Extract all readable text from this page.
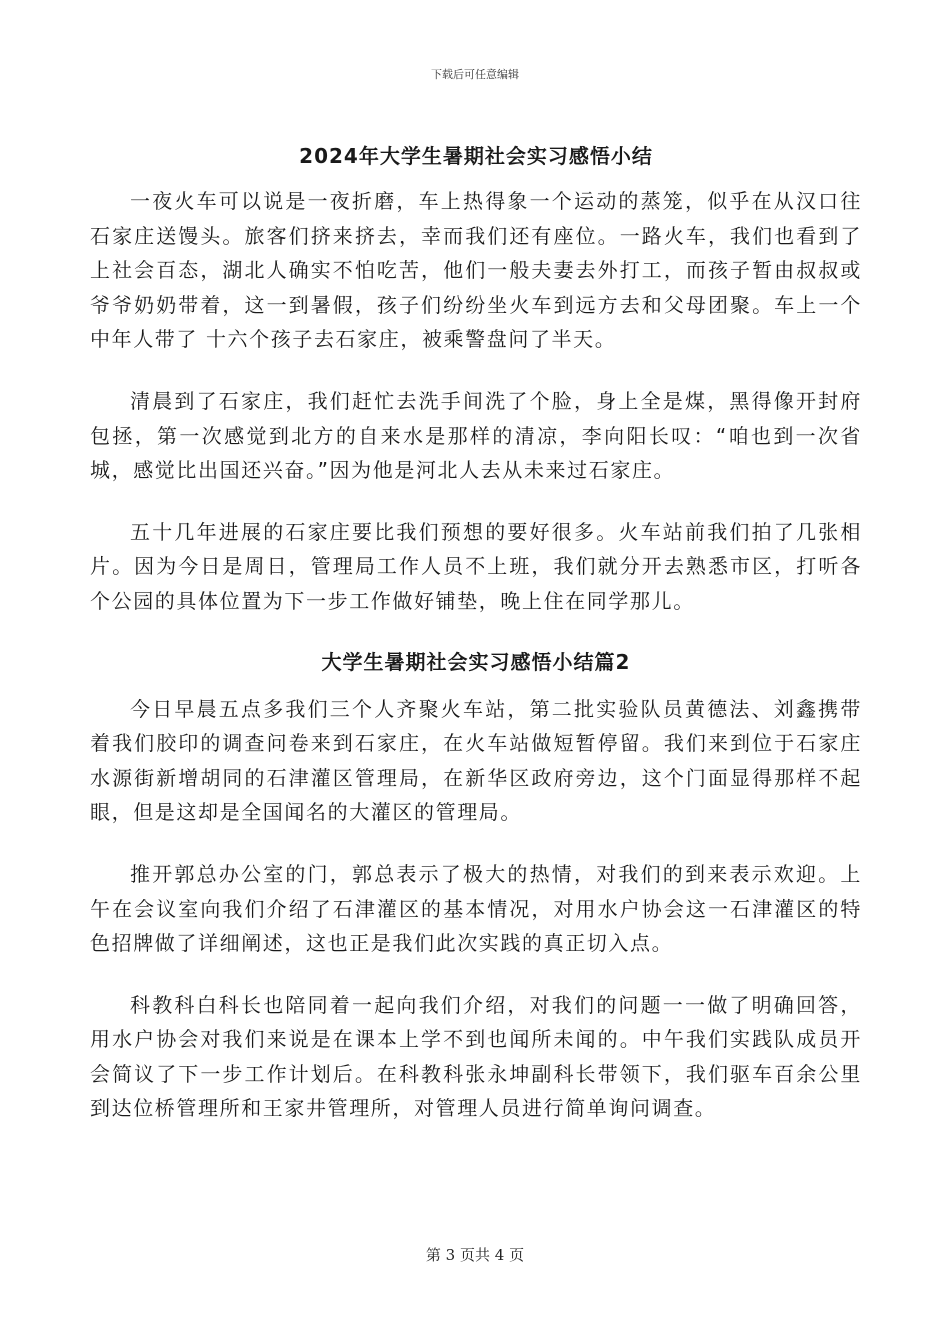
下载后可任意编辑
2024年大学生暑期社会实习感悟小结

一夜火车可以说是一夜折磨，车上热得象一个运动的蒸笼，似乎在从汉口往石家庄送馒头。旅客们挤来挤去，幸而我们还有座位。一路火车，我们也看到了上社会百态，湖北人确实不怕吃苦，他们一般夫妻去外打工，而孩子暂由叔叔或爷爷奶奶带着，这一到暑假，孩子们纷纷坐火车到远方去和父母团聚。车上一个中年人带了 十六个孩子去石家庄，被乘警盘问了半天。

清晨到了石家庄，我们赶忙去洗手间洗了个脸，身上全是煤，黑得像开封府包拯，第一次感觉到北方的自来水是那样的清凉，李向阳长叹：“咱也到一次省城，感觉比出国还兴奋。”因为他是河北人去从未来过石家庄。

五十几年进展的石家庄要比我们预想的要好很多。火车站前我们拍了几张相片。因为今日是周日，管理局工作人员不上班，我们就分开去熟悉市区，打听各个公园的具体位置为下一步工作做好铺垫，晚上住在同学那儿。

大学生暑期社会实习感悟小结篇2

今日早晨五点多我们三个人齐聚火车站，第二批实验队员黄德法、刘鑫携带着我们胶印的调查问卷来到石家庄，在火车站做短暂停留。我们来到位于石家庄水源街新增胡同的石津灌区管理局，在新华区政府旁边，这个门面显得那样不起眼，但是这却是全国闻名的大灌区的管理局。

推开郭总办公室的门，郭总表示了极大的热情，对我们的到来表示欢迎。上午在会议室向我们介绍了石津灌区的基本情况，对用水户协会这一石津灌区的特色招牌做了详细阐述，这也正是我们此次实践的真正切入点。

科教科白科长也陪同着一起向我们介绍，对我们的问题一一做了明确回答，用水户协会对我们来说是在课本上学不到也闻所未闻的。中午我们实践队成员开会简议了下一步工作计划后。在科教科张永坤副科长带领下，我们驱车百余公里到达位桥管理所和王家井管理所，对管理人员进行简单询问调查。

第 3 页共 4 页
